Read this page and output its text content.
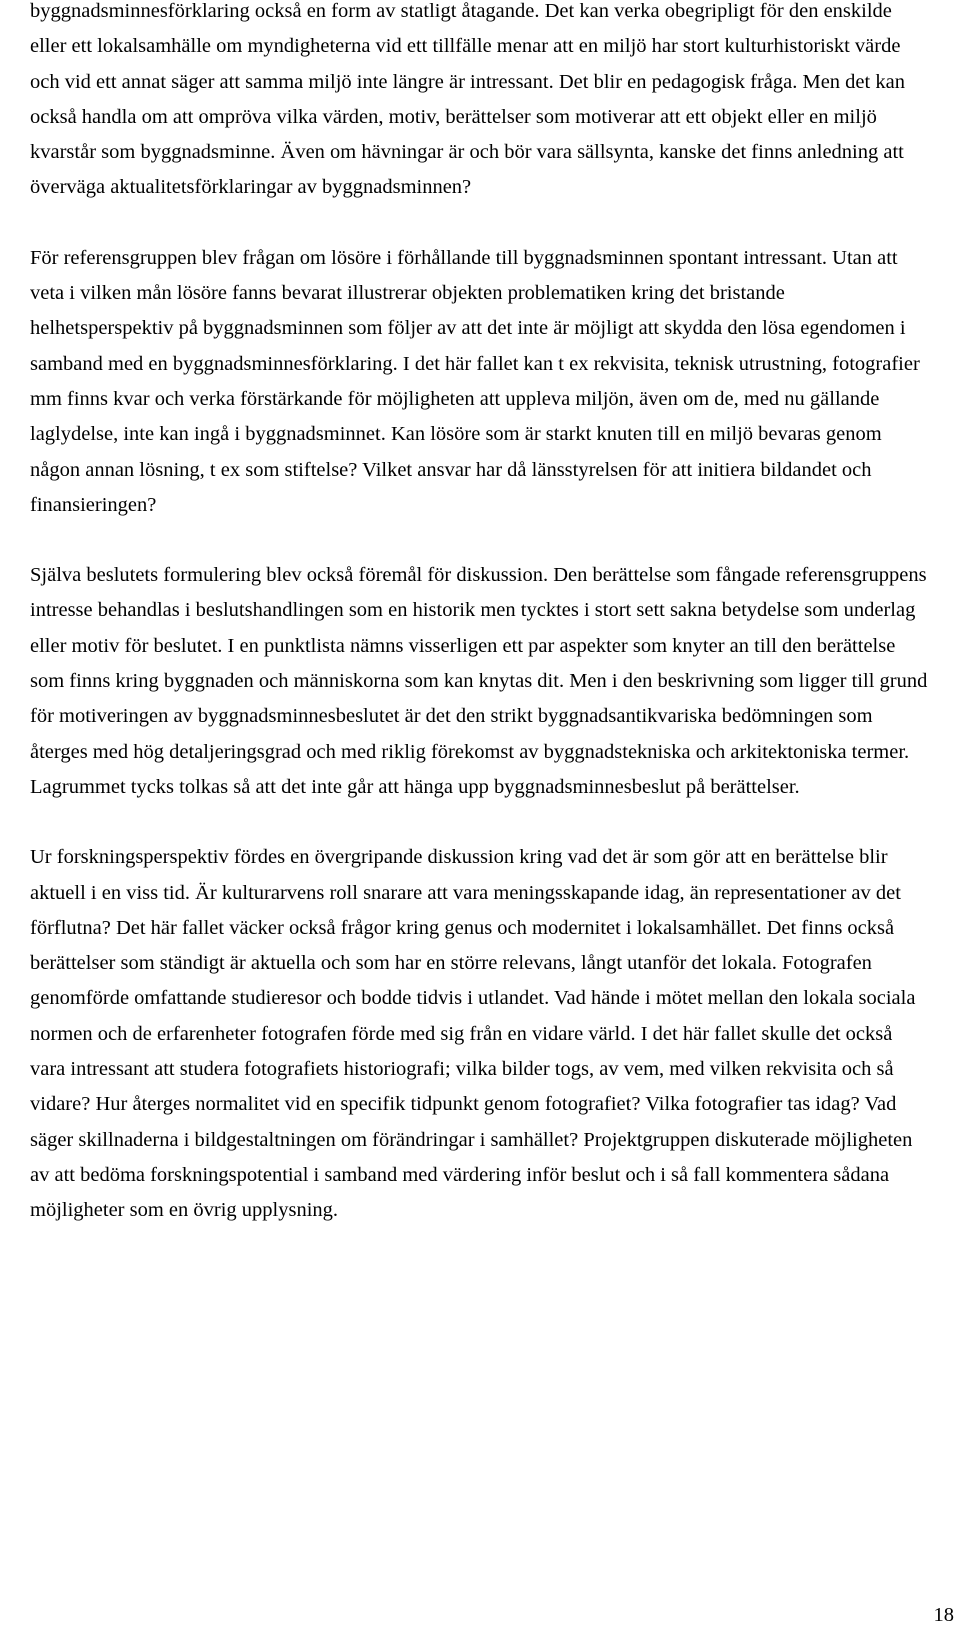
byggnadsminnesförklaring också en form av statligt åtagande. Det kan verka obegripligt för den enskilde eller ett lokalsamhälle om myndigheterna vid ett tillfälle menar att en miljö har stort kulturhistoriskt värde och vid ett annat säger att samma miljö inte längre är intressant. Det blir en pedagogisk fråga. Men det kan också handla om att ompröva vilka värden, motiv, berättelser som motiverar att ett objekt eller en miljö kvarstår som byggnadsminne. Även om hävningar är och bör vara sällsynta, kanske det finns anledning att överväga aktualitetsförklaringar av byggnadsminnen?

För referensgruppen blev frågan om lösöre i förhållande till byggnadsminnen spontant intressant. Utan att veta i vilken mån lösöre fanns bevarat illustrerar objekten problematiken kring det bristande helhetsperspektiv på byggnadsminnen som följer av att det inte är möjligt att skydda den lösa egendomen i samband med en byggnadsminnesförklaring. I det här fallet kan t ex rekvisita, teknisk utrustning, fotografier mm finns kvar och verka förstärkande för möjligheten att uppleva miljön, även om de, med nu gällande laglydelse, inte kan ingå i byggnadsminnet. Kan lösöre som är starkt knuten till en miljö bevaras genom någon annan lösning, t ex som stiftelse? Vilket ansvar har då länsstyrelsen för att initiera bildandet och finansieringen?

Själva beslutets formulering blev också föremål för diskussion. Den berättelse som fångade referensgruppens intresse behandlas i beslutshandlingen som en historik men tycktes i stort sett sakna betydelse som underlag eller motiv för beslutet. I en punktlista nämns visserligen ett par aspekter som knyter an till den berättelse som finns kring byggnaden och människorna som kan knytas dit. Men i den beskrivning som ligger till grund för motiveringen av byggnadsminnesbeslutet är det den strikt byggnadsantikvariska bedömningen som återges med hög detaljeringsgrad och med riklig förekomst av byggnadstekniska och arkitektoniska termer. Lagrummet tycks tolkas så att det inte går att hänga upp byggnadsminnesbeslut på berättelser.

Ur forskningsperspektiv fördes en övergripande diskussion kring vad det är som gör att en berättelse blir aktuell i en viss tid. Är kulturarvens roll snarare att vara meningsskapande idag, än representationer av det förflutna? Det här fallet väcker också frågor kring genus och modernitet i lokalsamhället. Det finns också berättelser som ständigt är aktuella och som har en större relevans, långt utanför det lokala. Fotografen genomförde omfattande studieresor och bodde tidvis i utlandet. Vad hände i mötet mellan den lokala sociala normen och de erfarenheter fotografen förde med sig från en vidare värld. I det här fallet skulle det också vara intressant att studera fotografiets historiografi; vilka bilder togs, av vem, med vilken rekvisita och så vidare? Hur återges normalitet vid en specifik tidpunkt genom fotografiet? Vilka fotografier tas idag? Vad säger skillnaderna i bildgestaltningen om förändringar i samhället? Projektgruppen diskuterade möjligheten av att bedöma forskningspotential i samband med värdering inför beslut och i så fall kommentera sådana möjligheter som en övrig upplysning.

18
